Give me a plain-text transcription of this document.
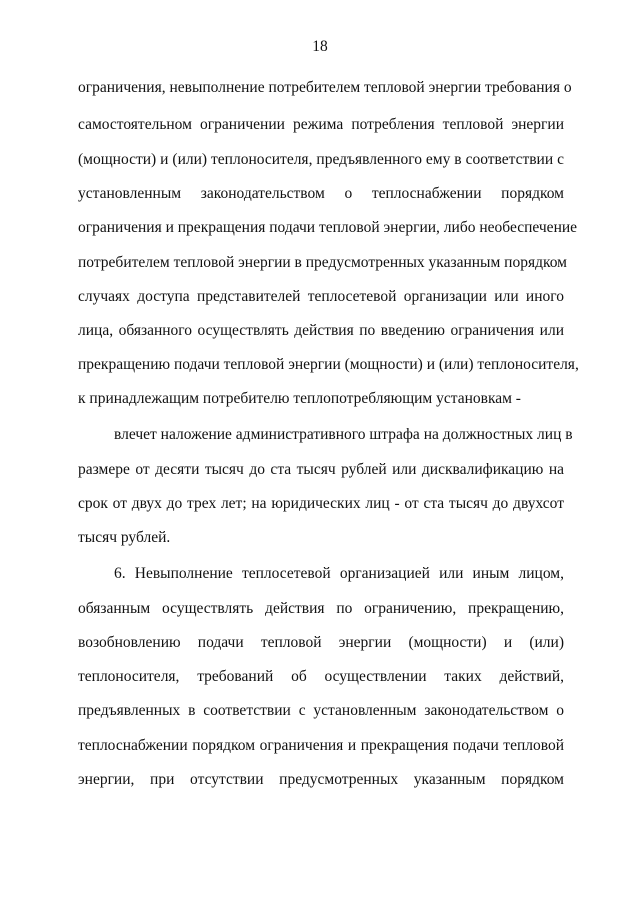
18
ограничения, невыполнение потребителем тепловой энергии требования о
самостоятельном ограничении режима потребления тепловой энергии
(мощности) и (или) теплоносителя, предъявленного ему в соответствии с
установленным законодательством о теплоснабжении порядком
ограничения и прекращения подачи тепловой энергии, либо необеспечение
потребителем тепловой энергии в предусмотренных указанным порядком
случаях доступа представителей теплосетевой организации или иного
лица, обязанного осуществлять действия по введению ограничения или
прекращению подачи тепловой энергии (мощности) и (или) теплоносителя,
к принадлежащим потребителю теплопотребляющим установкам -
влечет наложение административного штрафа на должностных лиц в
размере от десяти тысяч до ста тысяч рублей или дисквалификацию на
срок от двух до трех лет; на юридических лиц - от ста тысяч до двухсот
тысяч рублей.
6. Невыполнение теплосетевой организацией или иным лицом,
обязанным осуществлять действия по ограничению, прекращению,
возобновлению подачи тепловой энергии (мощности) и (или)
теплоносителя, требований об осуществлении таких действий,
предъявленных в соответствии с установленным законодательством о
теплоснабжении порядком ограничения и прекращения подачи тепловой
энергии, при отсутствии предусмотренных указанным порядком
